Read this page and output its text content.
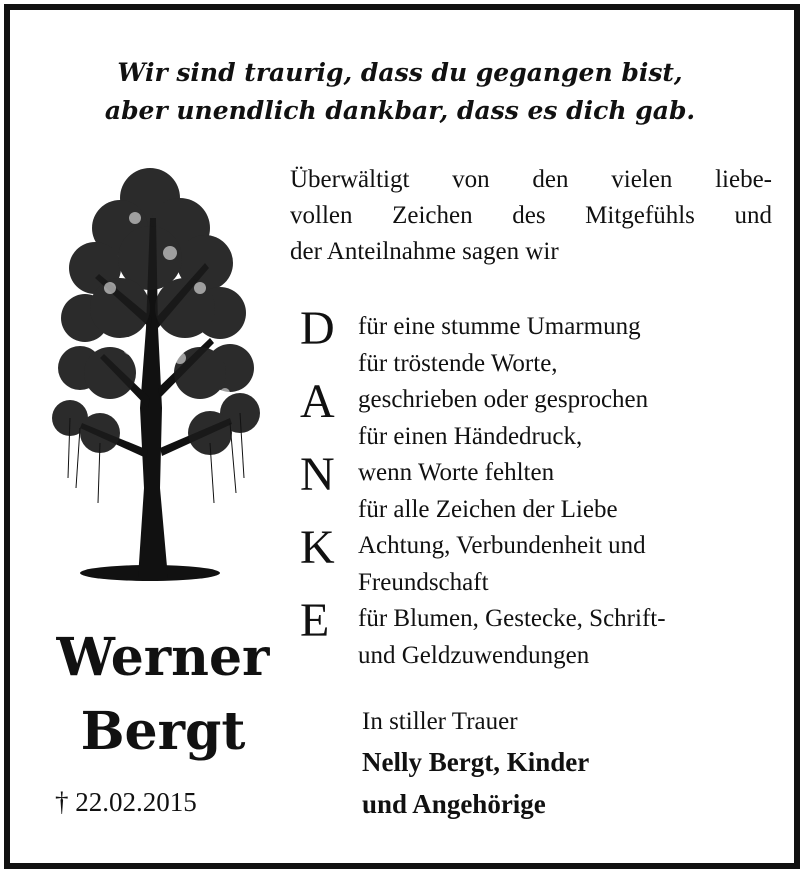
Wir sind traurig, dass du gegangen bist,
aber unendlich dankbar, dass es dich gab.
Überwältigt von den vielen liebe-
vollen Zeichen des Mitgefühls und
der Anteilnahme sagen wir
D
A
N
K
E
für eine stumme Umarmung
für tröstende Worte,
geschrieben oder gesprochen
für einen Händedruck,
wenn Worte fehlten
für alle Zeichen der Liebe
Achtung, Verbundenheit und
Freundschaft
für Blumen, Gestecke, Schrift-
und Geldzuwendungen
Werner
Bergt
† 22.02.2015
In stiller Trauer
Nelly Bergt, Kinder
und Angehörige
